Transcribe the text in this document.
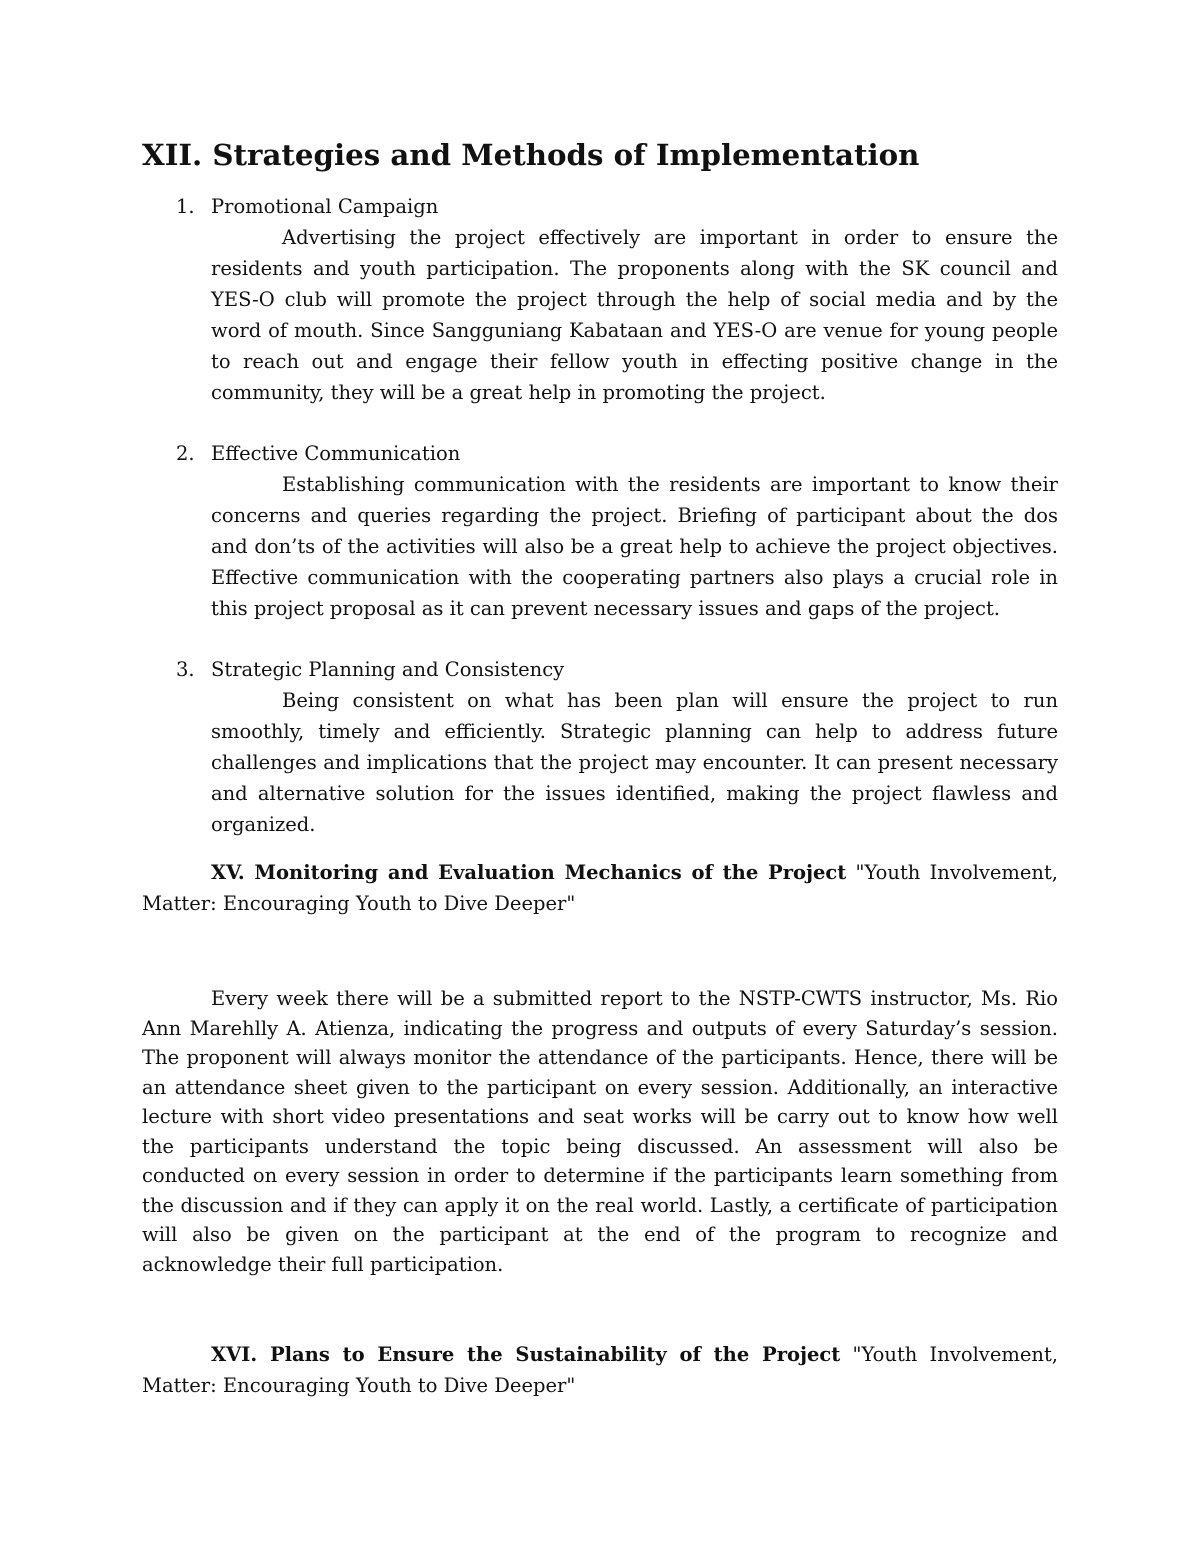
XII. Strategies and Methods of Implementation
1. Promotional Campaign

Advertising the project effectively are important in order to ensure the residents and youth participation. The proponents along with the SK council and YES-O club will promote the project through the help of social media and by the word of mouth. Since Sangguniang Kabataan and YES-O are venue for young people to reach out and engage their fellow youth in effecting positive change in the community, they will be a great help in promoting the project.

2. Effective Communication

Establishing communication with the residents are important to know their concerns and queries regarding the project. Briefing of participant about the dos and don’ts of the activities will also be a great help to achieve the project objectives. Effective communication with the cooperating partners also plays a crucial role in this project proposal as it can prevent necessary issues and gaps of the project.

3. Strategic Planning and Consistency

Being consistent on what has been plan will ensure the project to run smoothly, timely and efficiently. Strategic planning can help to address future challenges and implications that the project may encounter. It can present necessary and alternative solution for the issues identified, making the project flawless and organized.

XV. Monitoring and Evaluation Mechanics of the Project "Youth Involvement, Matter: Encouraging Youth to Dive Deeper"

Every week there will be a submitted report to the NSTP-CWTS instructor, Ms. Rio Ann Marehlly A. Atienza, indicating the progress and outputs of every Saturday’s session. The proponent will always monitor the attendance of the participants. Hence, there will be an attendance sheet given to the participant on every session. Additionally, an interactive lecture with short video presentations and seat works will be carry out to know how well the participants understand the topic being discussed. An assessment will also be conducted on every session in order to determine if the participants learn something from the discussion and if they can apply it on the real world. Lastly, a certificate of participation will also be given on the participant at the end of the program to recognize and acknowledge their full participation.

XVI. Plans to Ensure the Sustainability of the Project "Youth Involvement, Matter: Encouraging Youth to Dive Deeper"
